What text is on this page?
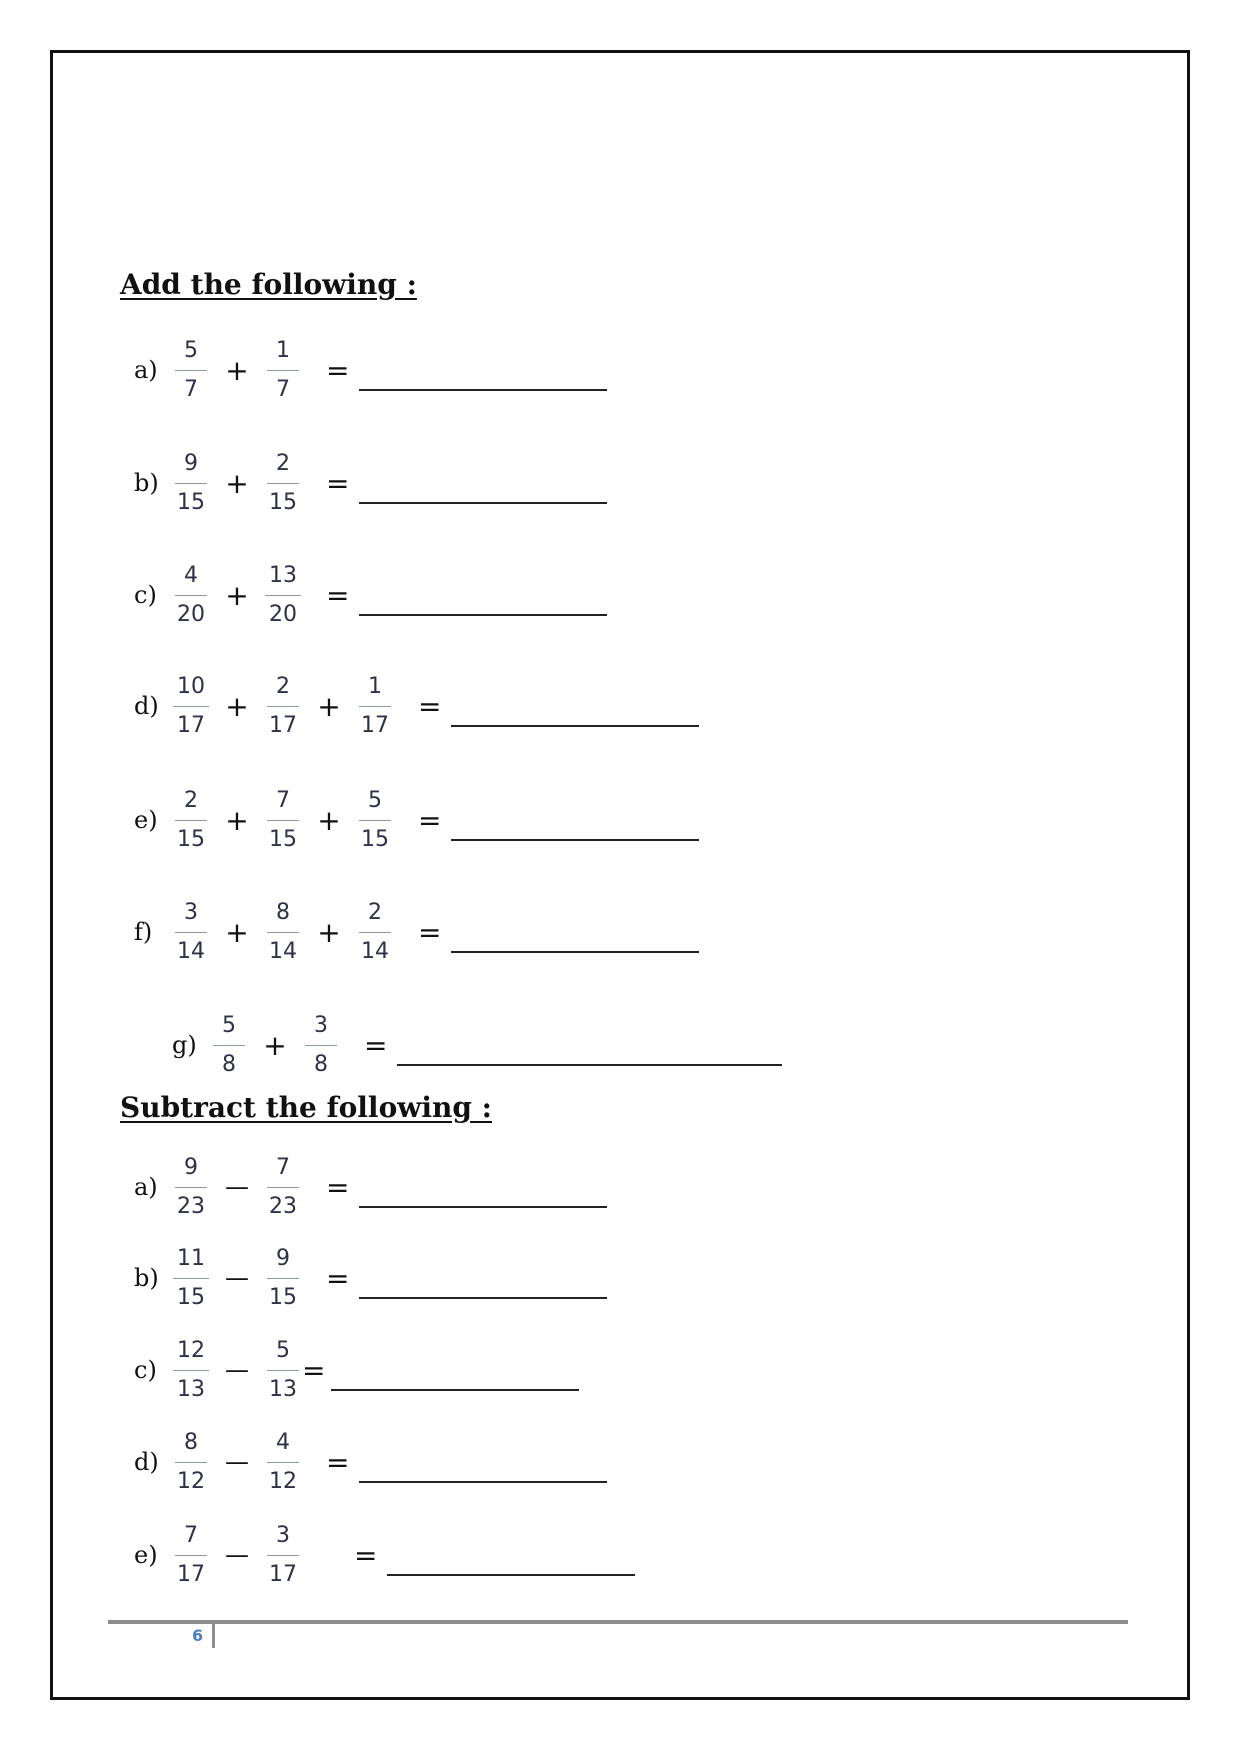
Add the following :
$a) \frac{5}{7} + \frac{1}{7}$ =
$b) \frac{9}{15} + \frac{2}{15}$ =
$c) \frac{4}{20} + \frac{13}{20}$ =
$d) \frac{10}{17} + \frac{2}{17} + \frac{1}{17}$ =
$e) \frac{2}{15} + \frac{7}{15} + \frac{5}{15}$ =
$f) \frac{3}{14} + \frac{8}{14} + \frac{2}{14}$ =
$g) \frac{5}{8} + \frac{3}{8}$ =
Subtract the following :
$a) \frac{9}{23}$ — $\frac{7}{23}$ =
$b) \frac{11}{15}$ — $\frac{9}{15}$ =
$c) \frac{12}{13}$ — $\frac{5}{13}$ =
$d) \frac{8}{12}$ — $\frac{4}{12}$ =
$e) \frac{7}{17}$ — $\frac{3}{17}$ =
6
